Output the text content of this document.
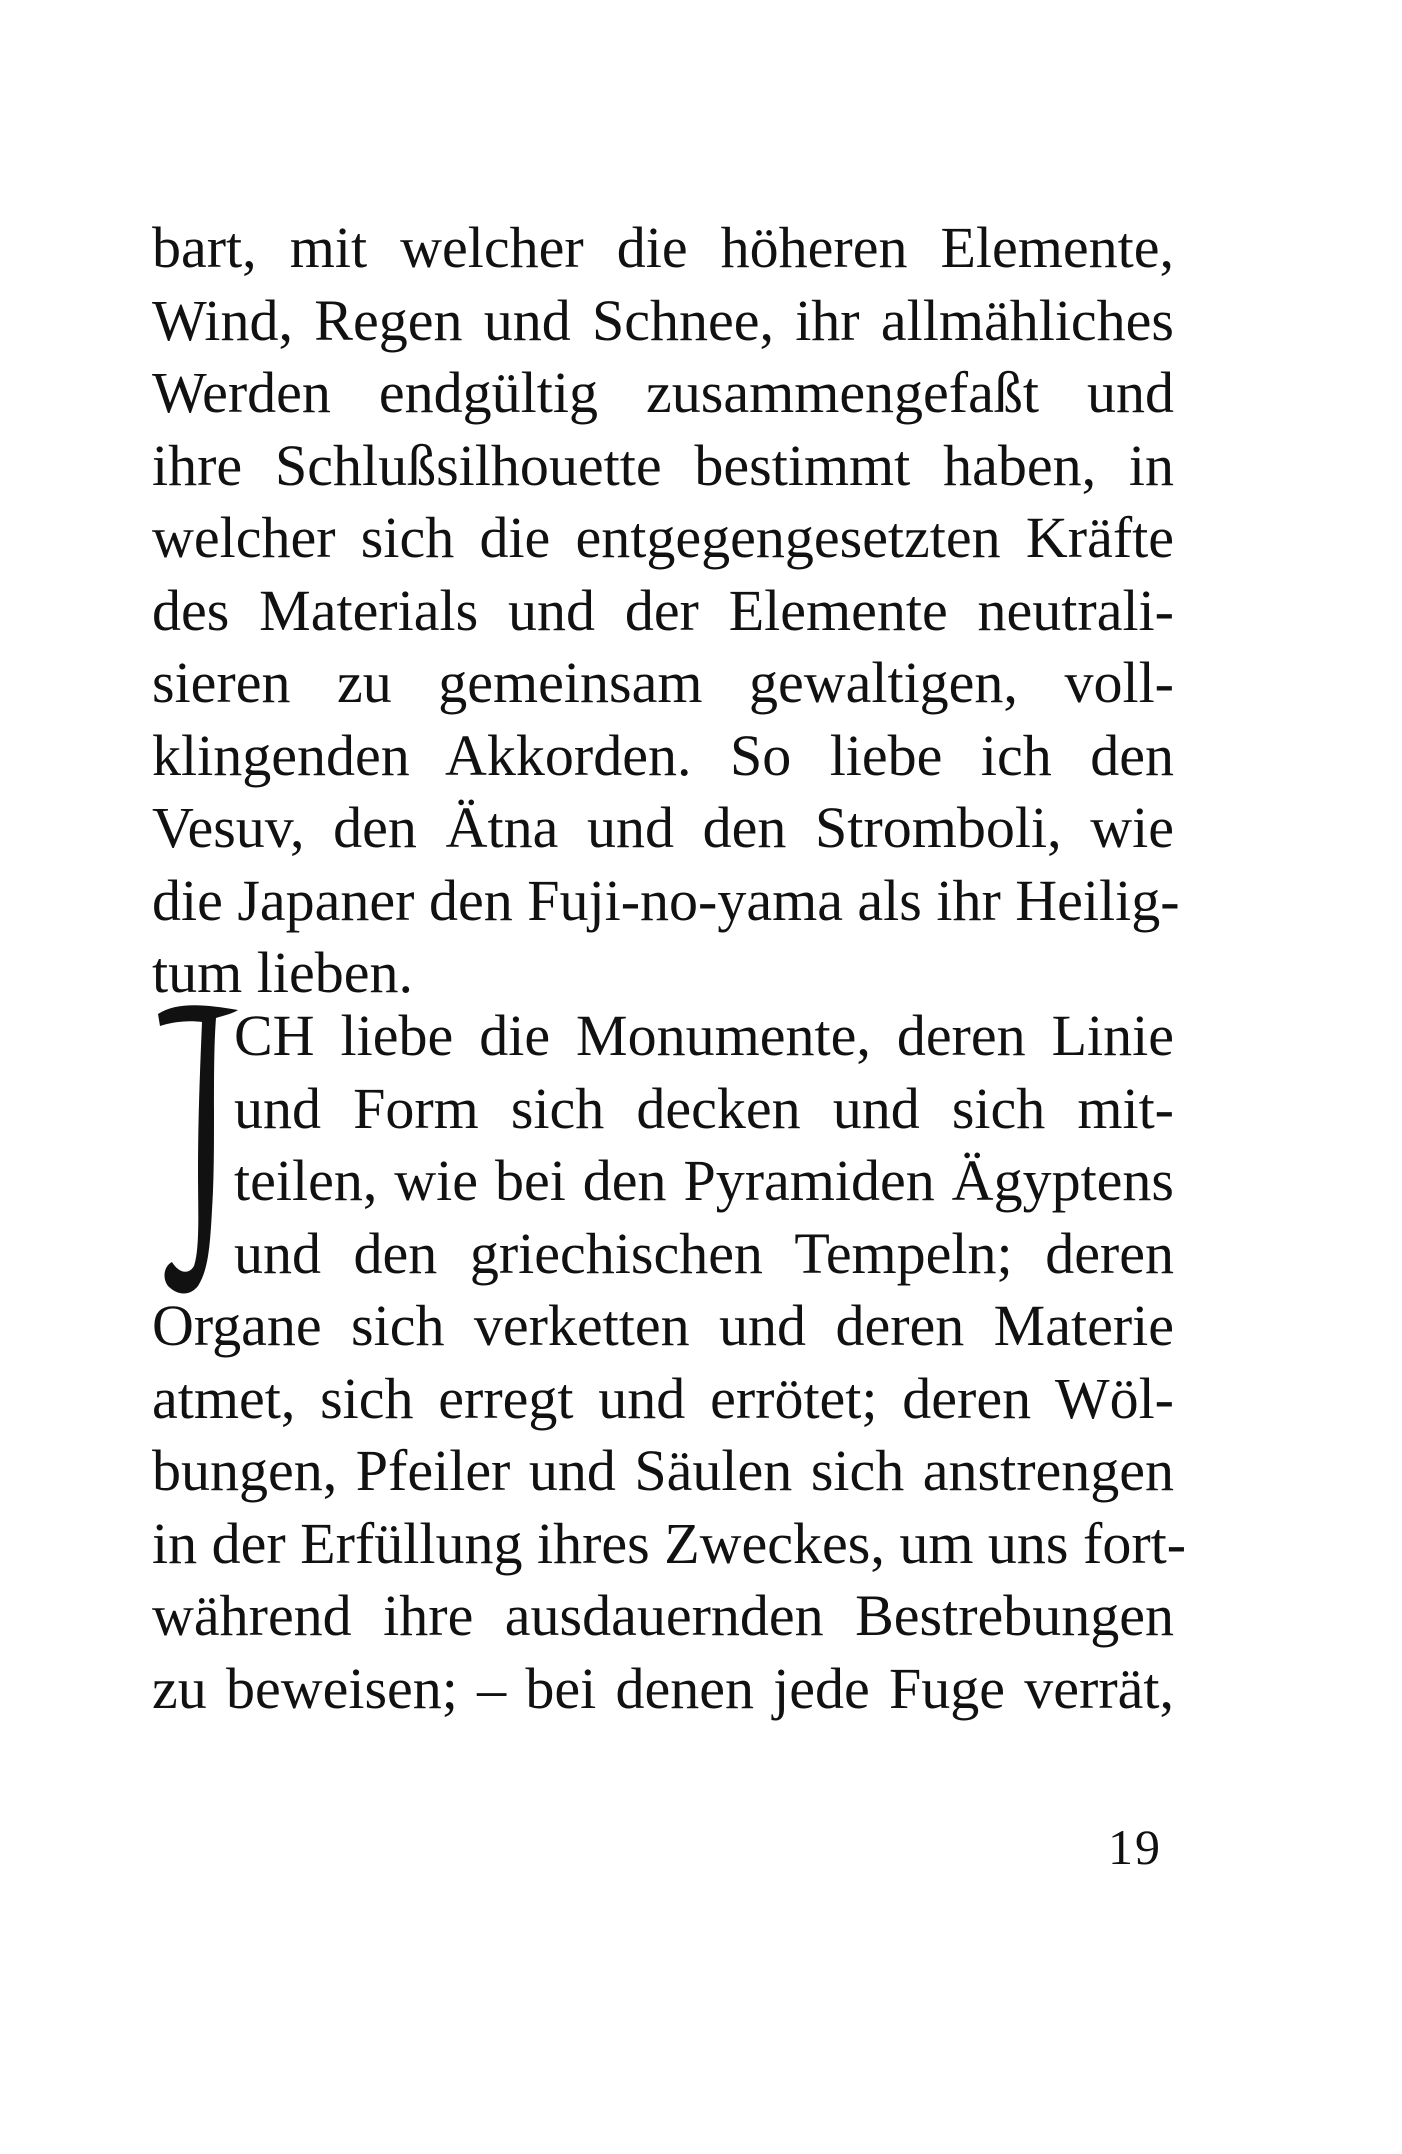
bart, mit welcher die höheren Elemente,
Wind, Regen und Schnee, ihr allmähliches
Werden endgültig zusammengefaßt und
ihre Schlußsilhouette bestimmt haben, in
welcher sich die entgegengesetzten Kräfte
des Materials und der Elemente neutrali-
sieren zu gemeinsam gewaltigen, voll-
klingenden Akkorden. So liebe ich den
Vesuv, den Ätna und den Stromboli, wie
die Japaner den Fuji-no-yama als ihr Heilig-
tum lieben.
CH liebe die Monumente, deren Linie
und Form sich decken und sich mit-
teilen, wie bei den Pyramiden Ägyptens
und den griechischen Tempeln; deren
Organe sich verketten und deren Materie
atmet, sich erregt und errötet; deren Wöl-
bungen, Pfeiler und Säulen sich anstrengen
in der Erfüllung ihres Zweckes, um uns fort-
während ihre ausdauernden Bestrebungen
zu beweisen; – bei denen jede Fuge verrät,
19
